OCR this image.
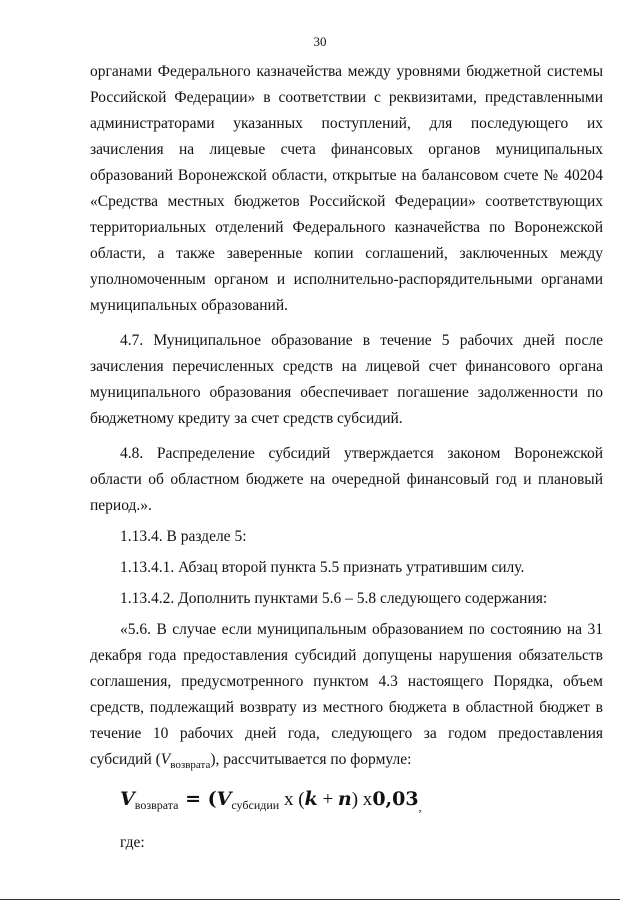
30

органами Федерального казначейства между уровнями бюджетной системы Российской Федерации» в соответствии с реквизитами, представленными администраторами указанных поступлений, для последующего их зачисления на лицевые счета финансовых органов муниципальных образований Воронежской области, открытые на балансовом счете № 40204 «Средства местных бюджетов Российской Федерации» соответствующих территориальных отделений Федерального казначейства по Воронежской области, а также заверенные копии соглашений, заключенных между уполномоченным органом и исполнительно-распорядительными органами муниципальных образований.

4.7. Муниципальное образование в течение 5 рабочих дней после зачисления перечисленных средств на лицевой счет финансового органа муниципального образования обеспечивает погашение задолженности по бюджетному кредиту за счет средств субсидий.

4.8. Распределение субсидий утверждается законом Воронежской области об областном бюджете на очередной финансовый год и плановый период.».

1.13.4. В разделе 5:

1.13.4.1. Абзац второй пункта 5.5 признать утратившим силу.

1.13.4.2. Дополнить пунктами 5.6 – 5.8 следующего содержания:

«5.6. В случае если муниципальным образованием по состоянию на 31 декабря года предоставления субсидий допущены нарушения обязательств соглашения, предусмотренного пунктом 4.3 настоящего Порядка, объем средств, подлежащий возврату из местного бюджета в областной бюджет в течение 10 рабочих дней года, следующего за годом предоставления субсидий $(V_{возврата})$, рассчитывается по формуле:

$V_{возврата} = (V_{субсидии}$ x (k + n) $x0,03_,$

где:
